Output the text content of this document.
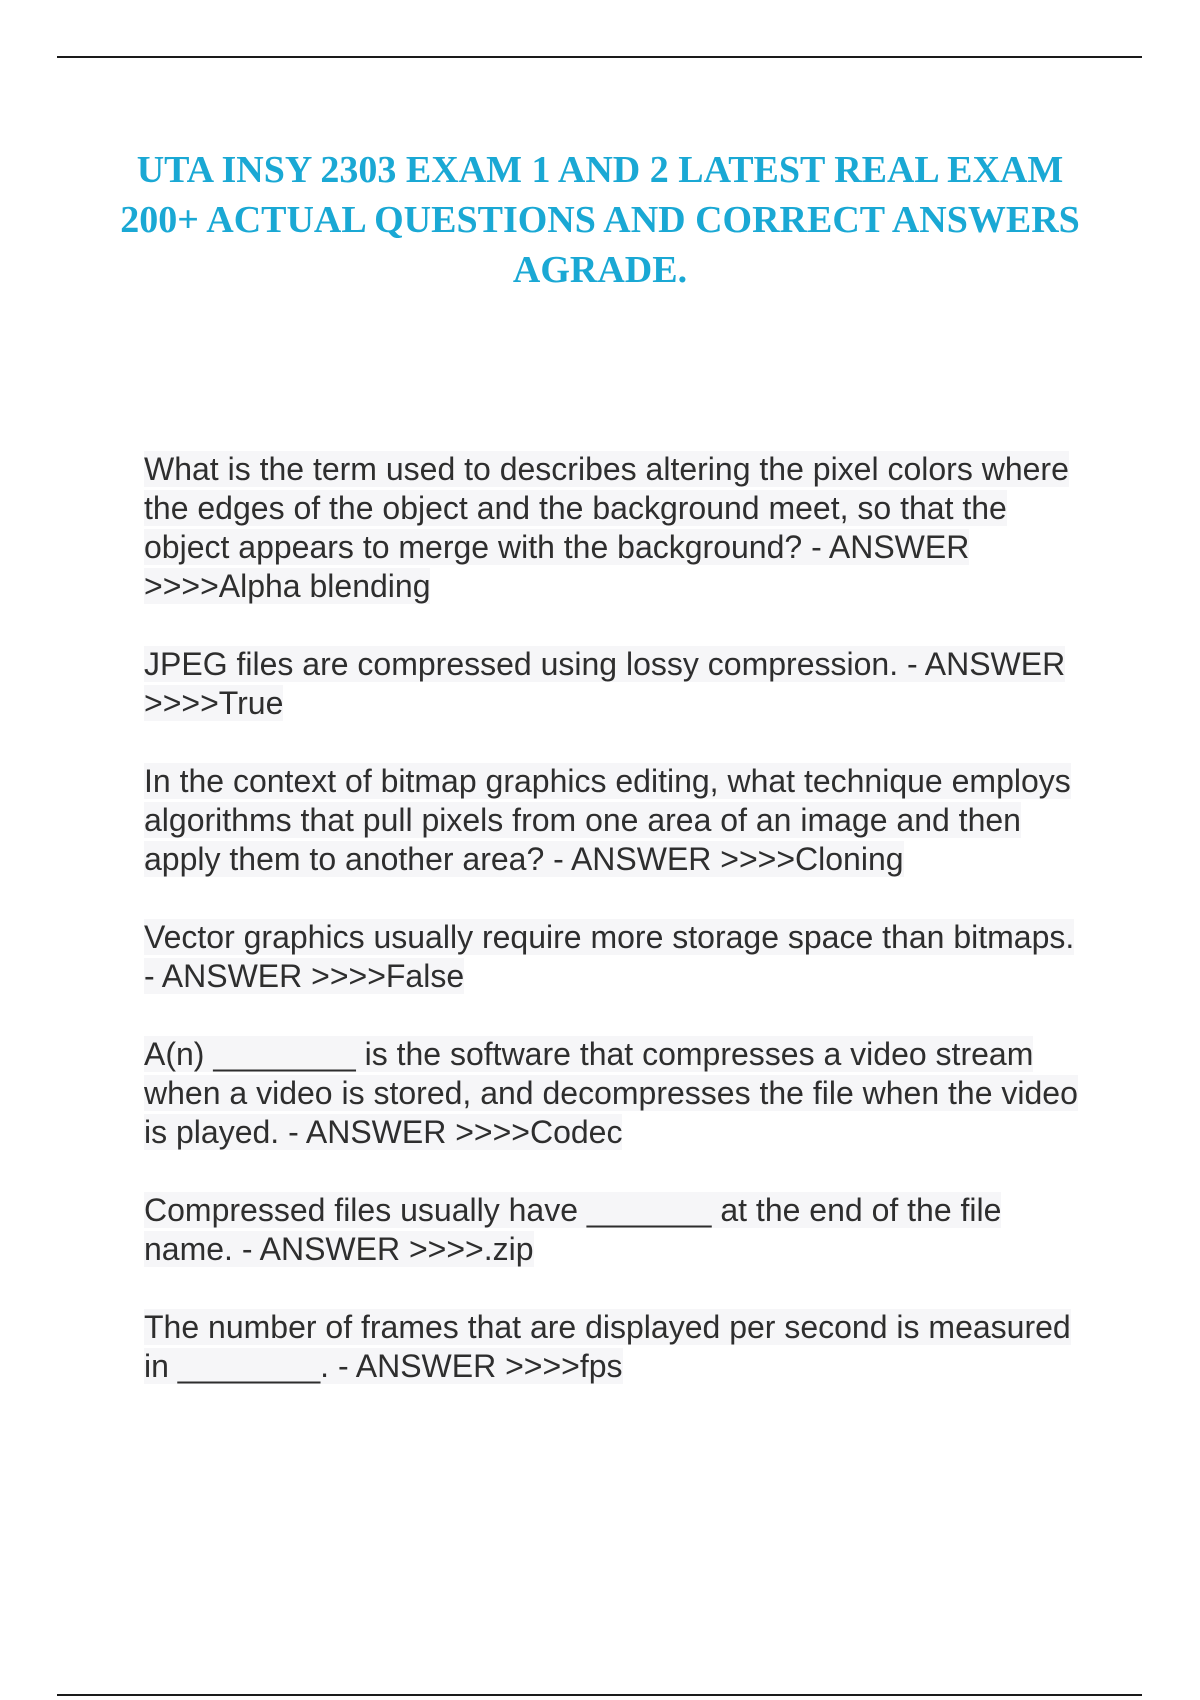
UTA INSY 2303 EXAM 1 AND 2 LATEST REAL EXAM 200+ ACTUAL QUESTIONS AND CORRECT ANSWERS AGRADE.

What is the term used to describes altering the pixel colors where the edges of the object and the background meet, so that the object appears to merge with the background? - ANSWER >>>>Alpha blending

JPEG files are compressed using lossy compression. - ANSWER >>>>True

In the context of bitmap graphics editing, what technique employs algorithms that pull pixels from one area of an image and then apply them to another area? - ANSWER >>>>Cloning

Vector graphics usually require more storage space than bitmaps. - ANSWER >>>>False

A(n) ________ is the software that compresses a video stream when a video is stored, and decompresses the file when the video is played. - ANSWER >>>>Codec

Compressed files usually have _______ at the end of the file name. - ANSWER >>>>.zip

The number of frames that are displayed per second is measured in ________. - ANSWER >>>>fps
